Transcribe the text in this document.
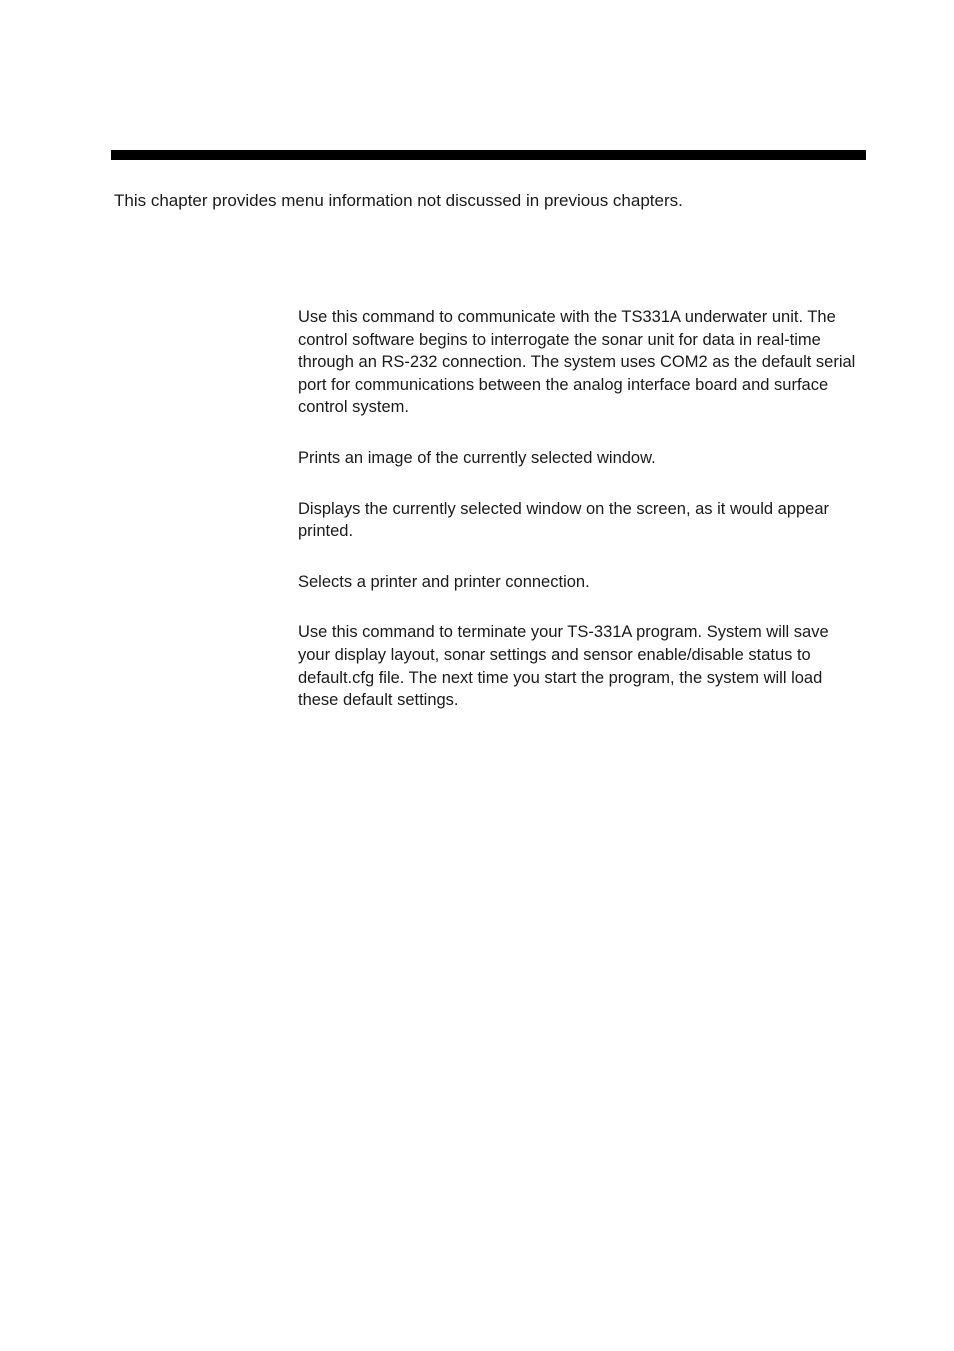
This chapter provides menu information not discussed in previous chapters.

Use this command to communicate with the TS331A underwater unit. The control software begins to interrogate the sonar unit for data in real-time through an RS-232 connection. The system uses COM2 as the default serial port for communications between the analog interface board and surface control system.

Prints an image of the currently selected window.

Displays the currently selected window on the screen, as it would appear printed.

Selects a printer and printer connection.

Use this command to terminate your TS-331A program. System will save your display layout, sonar settings and sensor enable/disable status to default.cfg file. The next time you start the program, the system will load these default settings.
